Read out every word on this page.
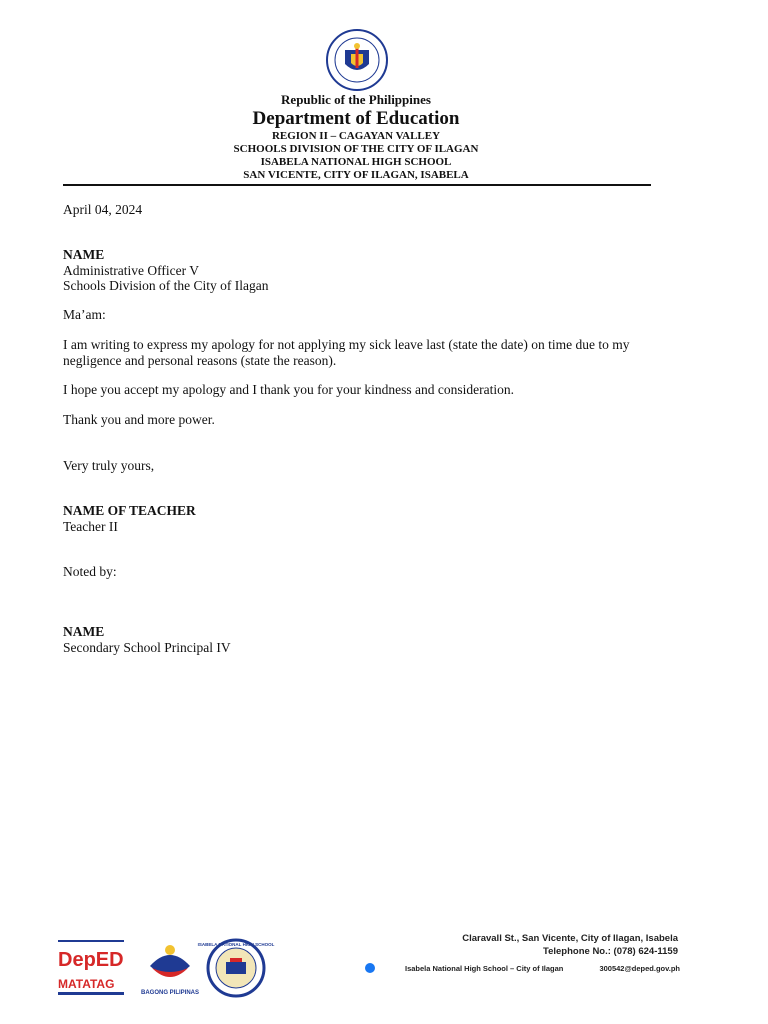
Republic of the Philippines
Department of Education
REGION II – CAGAYAN VALLEY
SCHOOLS DIVISION OF THE CITY OF ILAGAN
ISABELA NATIONAL HIGH SCHOOL
SAN VICENTE, CITY OF ILAGAN, ISABELA
April 04, 2024
NAME
Administrative Officer V
Schools Division of the City of Ilagan
Ma’am:
I am writing to express my apology for not applying my sick leave last (state the date) on time due to my negligence and personal reasons (state the reason).
I hope you accept my apology and I thank you for your kindness and consideration.
Thank you and more power.
Very truly yours,
NAME OF TEACHER
Teacher II
Noted by:
NAME
Secondary School Principal IV
DepED
MATATAG
BAGONG PILIPINAS
ISABELA NATIONAL HIGH SCHOOL
Claravall St., San Vicente, City of Ilagan, Isabela
Telephone No.: (078) 624-1159
Isabela National High School – City of Ilagan	300542@deped.gov.ph
